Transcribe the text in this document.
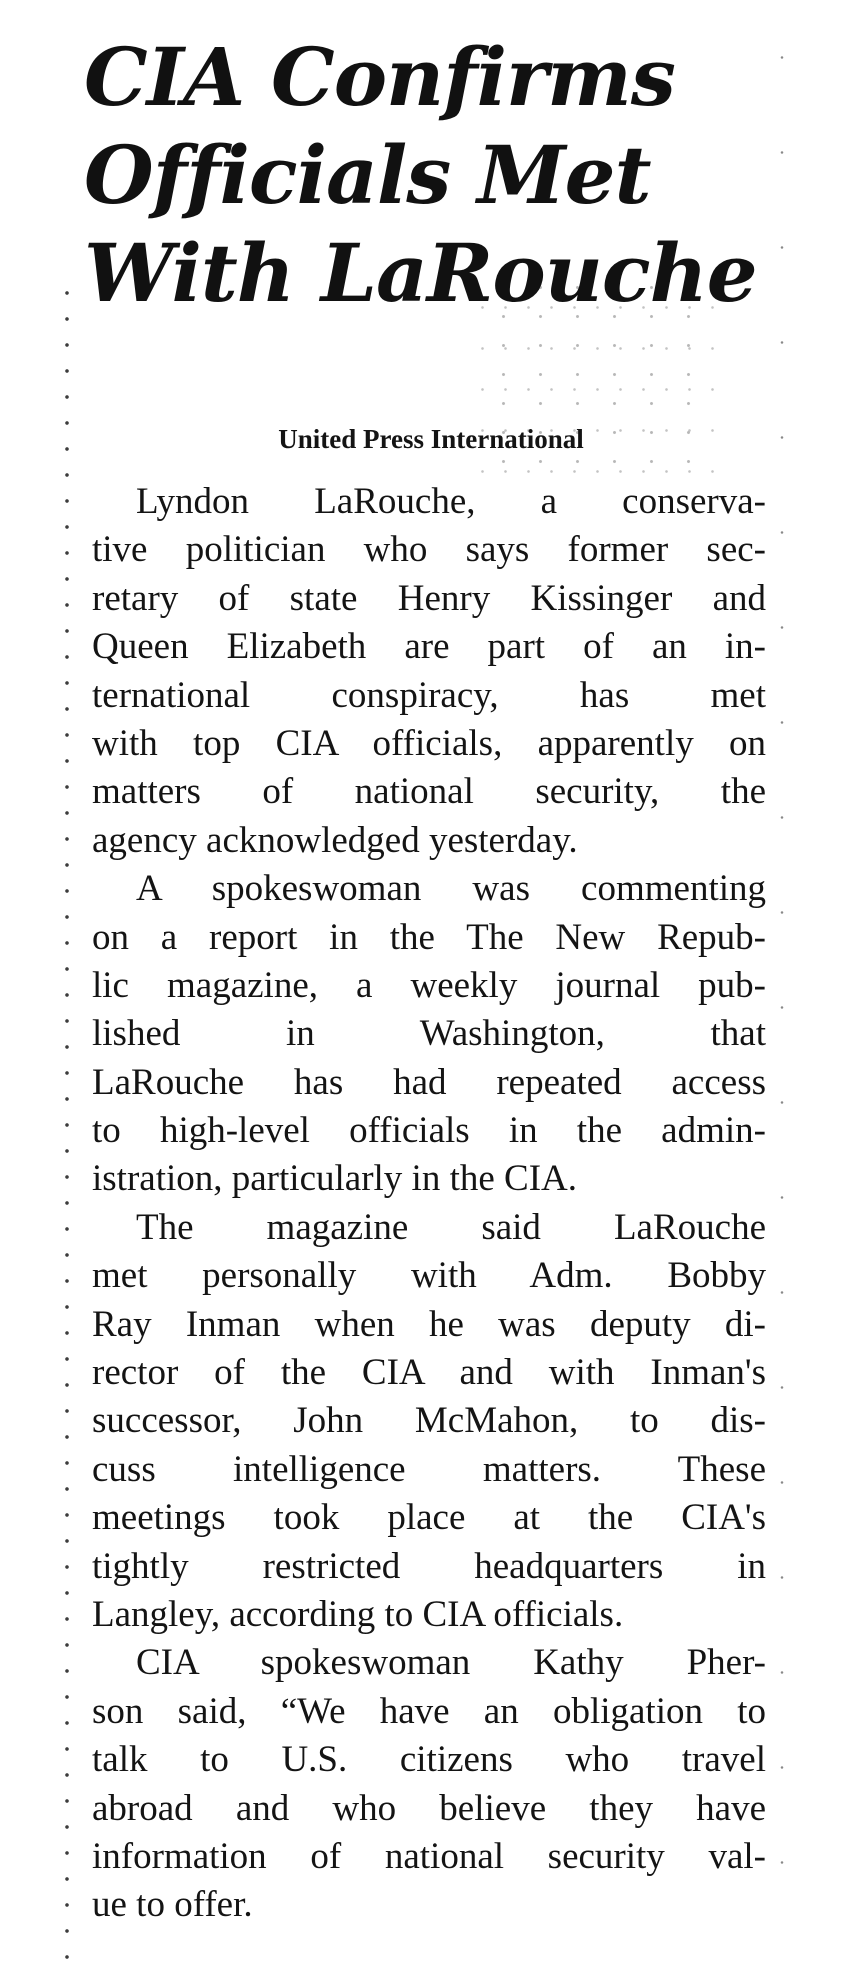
CIA Confirms
Officials Met
With LaRouche

United Press International

Lyndon LaRouche, a conserva-
tive politician who says former sec-
retary of state Henry Kissinger and
Queen Elizabeth are part of an in-
ternational conspiracy, has met
with top CIA officials, apparently on
matters of national security, the
agency acknowledged yesterday.
A spokeswoman was commenting
on a report in the The New Repub-
lic magazine, a weekly journal pub-
lished in Washington, that
LaRouche has had repeated access
to high-level officials in the admin-
istration, particularly in the CIA.
The magazine said LaRouche
met personally with Adm. Bobby
Ray Inman when he was deputy di-
rector of the CIA and with Inman's
successor, John McMahon, to dis-
cuss intelligence matters. These
meetings took place at the CIA's
tightly restricted headquarters in
Langley, according to CIA officials.
CIA spokeswoman Kathy Pher-
son said, “We have an obligation to
talk to U.S. citizens who travel
abroad and who believe they have
information of national security val-
ue to offer.
